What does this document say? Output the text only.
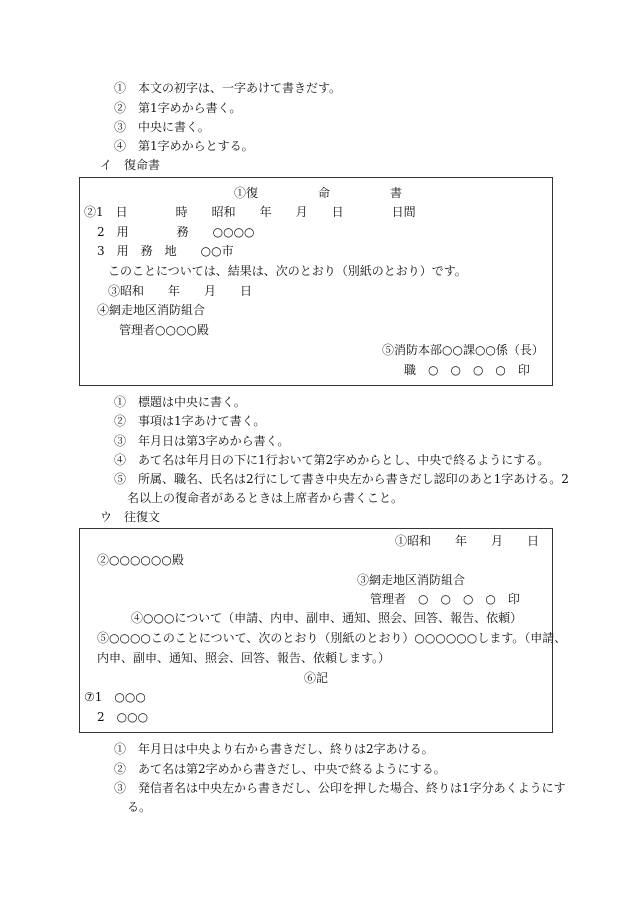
①　本文の初字は、一字あけて書きだす。
②　第1字めから書く。
③　中央に書く。
④　第1字めからとする。
イ　復命書
①復　　　　　命　　　　　書
②1　日　　　　時　　昭和　　年　　月　　日　　　　日間
2　用　　　　務　　○○○○
3　用　務　地　　○○市
このことについては、結果は、次のとおり（別紙のとおり）です。
③昭和　　年　　月　　日
④網走地区消防組合
管理者○○○○殿
⑤消防本部○○課○○係（長）
職　○　○　○　○　印
①　標題は中央に書く。
②　事項は1字あけて書く。
③　年月日は第3字めから書く。
④　あて名は年月日の下に1行おいて第2字めからとし、中央で終るようにする。
⑤　所属、職名、氏名は2行にして書き中央左から書きだし認印のあと1字あける。2
名以上の復命者があるときは上席者から書くこと。
ウ　往復文
①昭和　　年　　月　　日
②○○○○○○殿
③網走地区消防組合
管理者　○　○　○　○　印
④○○○について（申請、内申、副申、通知、照会、回答、報告、依頼）
⑤○○○○このことについて、次のとおり（別紙のとおり）○○○○○○します。（申請、
内申、副申、通知、照会、回答、報告、依頼します。）
⑥記
⑦1　○○○
2　○○○
①　年月日は中央より右から書きだし、終りは2字あける。
②　あて名は第2字めから書きだし、中央で終るようにする。
③　発信者名は中央左から書きだし、公印を押した場合、終りは1字分あくようにす
る。
